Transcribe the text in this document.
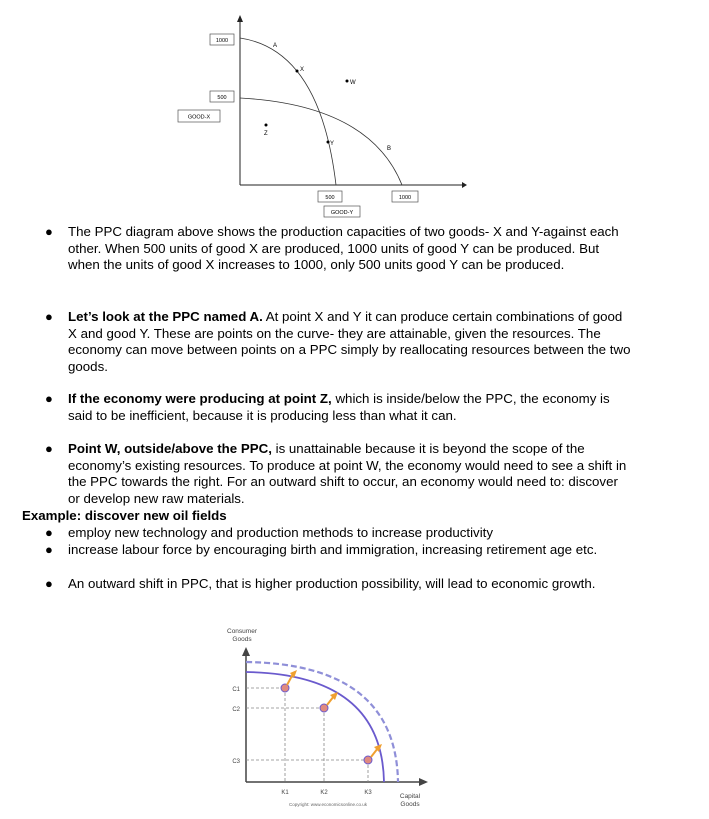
1000
500
GOOD-X
500	1000
GOOD-Y
A
B
X
W
Y
Z
● The PPC diagram above shows the production capacities of two goods- X and Y-against each other. When 500 units of good X are produced, 1000 units of good Y can be produced. But when the units of good X increases to 1000, only 500 units good Y can be produced.
● Let’s look at the PPC named A. At point X and Y it can produce certain combinations of good X and good Y. These are points on the curve- they are attainable, given the resources. The economy can move between points on a PPC simply by reallocating resources between the two goods.
● If the economy were producing at point Z, which is inside/below the PPC, the economy is said to be inefficient, because it is producing less than what it can.
● Point W, outside/above the PPC, is unattainable because it is beyond the scope of the economy’s existing resources. To produce at point W, the economy would need to see a shift in the PPC towards the right. For an outward shift to occur, an economy would need to: discover or develop new raw materials.
Example: discover new oil fields
● employ new technology and production methods to increase productivity
● increase labour force by encouraging birth and immigration, increasing retirement age etc.
● An outward shift in PPC, that is higher production possibility, will lead to economic growth.
Consumer
Goods
C1
C2
C3
K1	K2	K3	Capital
Goods
Copyright: www.economicsonline.co.uk
